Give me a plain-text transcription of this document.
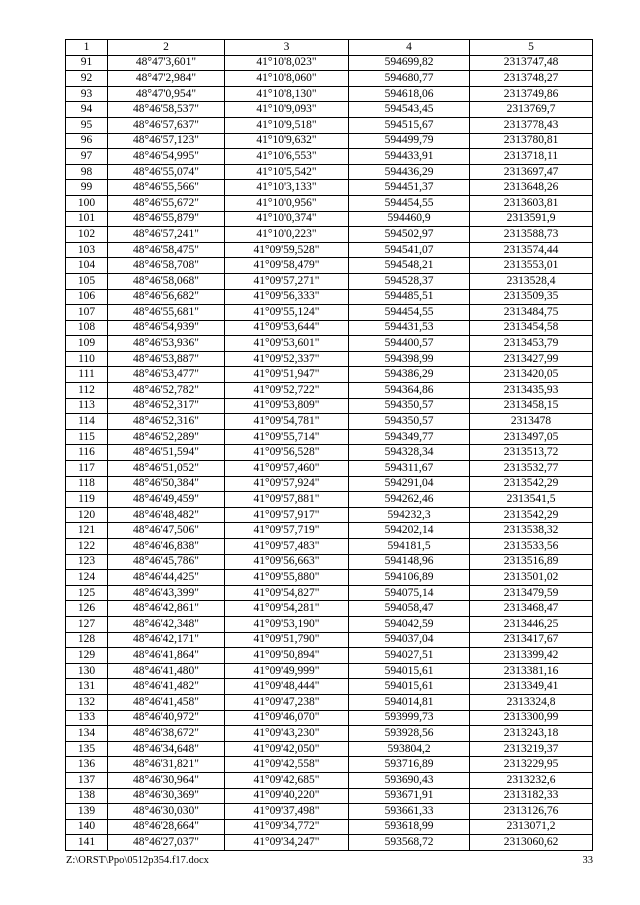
1	2	3	4	5
91	48°47'3,601"	41°10'8,023"	594699,82	2313747,48
92	48°47'2,984"	41°10'8,060"	594680,77	2313748,27
93	48°47'0,954"	41°10'8,130"	594618,06	2313749,86
94	48°46'58,537"	41°10'9,093"	594543,45	2313769,7
95	48°46'57,637"	41°10'9,518"	594515,67	2313778,43
96	48°46'57,123"	41°10'9,632"	594499,79	2313780,81
97	48°46'54,995"	41°10'6,553"	594433,91	2313718,11
98	48°46'55,074"	41°10'5,542"	594436,29	2313697,47
99	48°46'55,566"	41°10'3,133"	594451,37	2313648,26
100	48°46'55,672"	41°10'0,956"	594454,55	2313603,81
101	48°46'55,879"	41°10'0,374"	594460,9	2313591,9
102	48°46'57,241"	41°10'0,223"	594502,97	2313588,73
103	48°46'58,475"	41°09'59,528"	594541,07	2313574,44
104	48°46'58,708"	41°09'58,479"	594548,21	2313553,01
105	48°46'58,068"	41°09'57,271"	594528,37	2313528,4
106	48°46'56,682"	41°09'56,333"	594485,51	2313509,35
107	48°46'55,681"	41°09'55,124"	594454,55	2313484,75
108	48°46'54,939"	41°09'53,644"	594431,53	2313454,58
109	48°46'53,936"	41°09'53,601"	594400,57	2313453,79
110	48°46'53,887"	41°09'52,337"	594398,99	2313427,99
111	48°46'53,477"	41°09'51,947"	594386,29	2313420,05
112	48°46'52,782"	41°09'52,722"	594364,86	2313435,93
113	48°46'52,317"	41°09'53,809"	594350,57	2313458,15
114	48°46'52,316"	41°09'54,781"	594350,57	2313478
115	48°46'52,289"	41°09'55,714"	594349,77	2313497,05
116	48°46'51,594"	41°09'56,528"	594328,34	2313513,72
117	48°46'51,052"	41°09'57,460"	594311,67	2313532,77
118	48°46'50,384"	41°09'57,924"	594291,04	2313542,29
119	48°46'49,459"	41°09'57,881"	594262,46	2313541,5
120	48°46'48,482"	41°09'57,917"	594232,3	2313542,29
121	48°46'47,506"	41°09'57,719"	594202,14	2313538,32
122	48°46'46,838"	41°09'57,483"	594181,5	2313533,56
123	48°46'45,786"	41°09'56,663"	594148,96	2313516,89
124	48°46'44,425"	41°09'55,880"	594106,89	2313501,02
125	48°46'43,399"	41°09'54,827"	594075,14	2313479,59
126	48°46'42,861"	41°09'54,281"	594058,47	2313468,47
127	48°46'42,348"	41°09'53,190"	594042,59	2313446,25
128	48°46'42,171"	41°09'51,790"	594037,04	2313417,67
129	48°46'41,864"	41°09'50,894"	594027,51	2313399,42
130	48°46'41,480"	41°09'49,999"	594015,61	2313381,16
131	48°46'41,482"	41°09'48,444"	594015,61	2313349,41
132	48°46'41,458"	41°09'47,238"	594014,81	2313324,8
133	48°46'40,972"	41°09'46,070"	593999,73	2313300,99
134	48°46'38,672"	41°09'43,230"	593928,56	2313243,18
135	48°46'34,648"	41°09'42,050"	593804,2	2313219,37
136	48°46'31,821"	41°09'42,558"	593716,89	2313229,95
137	48°46'30,964"	41°09'42,685"	593690,43	2313232,6
138	48°46'30,369"	41°09'40,220"	593671,91	2313182,33
139	48°46'30,030"	41°09'37,498"	593661,33	2313126,76
140	48°46'28,664"	41°09'34,772"	593618,99	2313071,2
141	48°46'27,037"	41°09'34,247"	593568,72	2313060,62
Z:\ORST\Ppo\0512p354.f17.docx	33
